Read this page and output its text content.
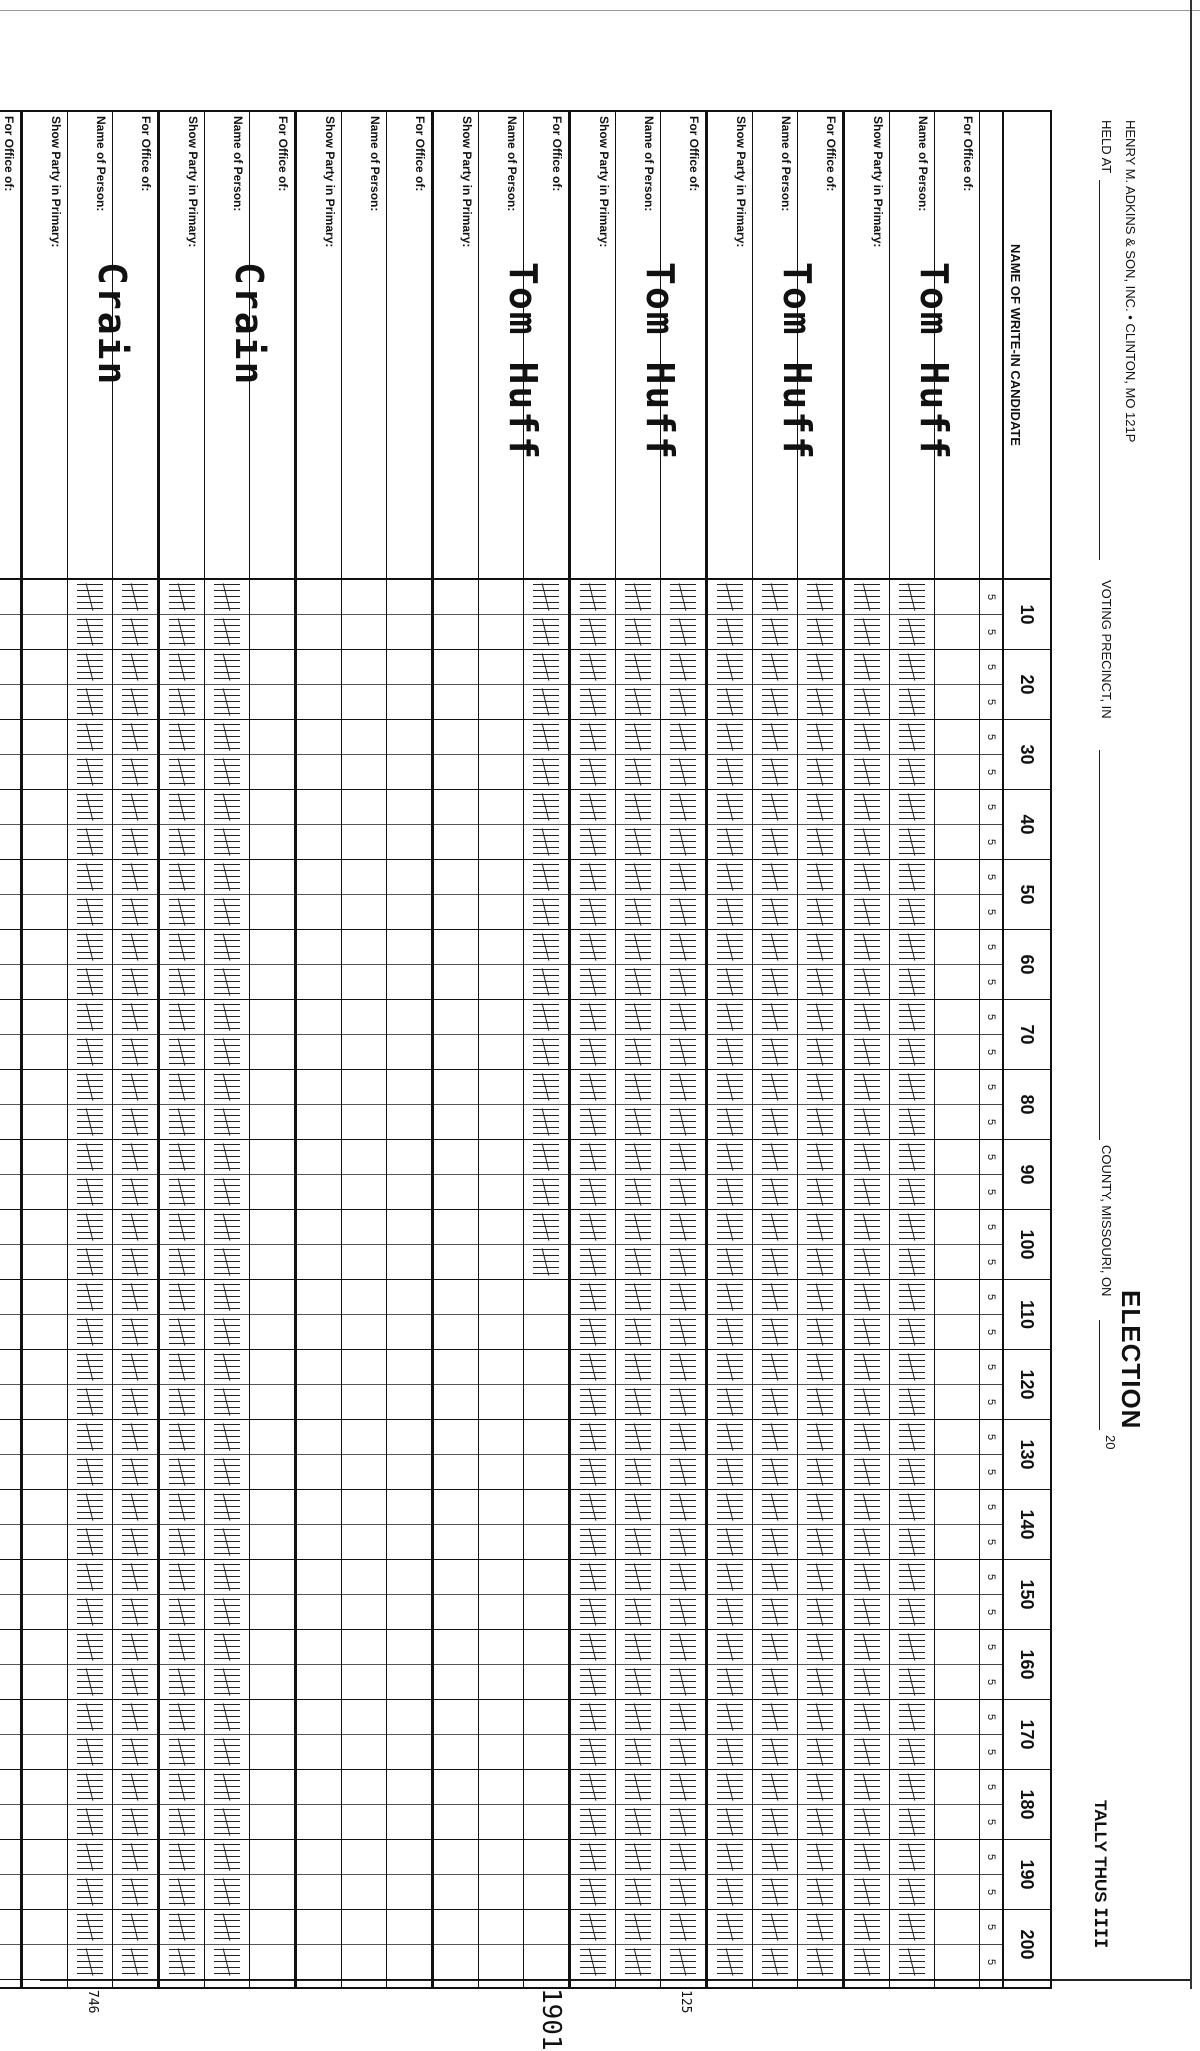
HENRY M. ADKINS & SON, INC. • CLINTON, MO 121P
HELD AT
VOTING PRECINCT, IN
COUNTY, MISSOURI, ON
20
ELECTION
TALLY THUS IIII
NAME OF WRITE-IN CANDIDATE
10
20
30
40
50
60
70
80
90
100
110
120
130
140
150
160
170
180
190
200
5
5
5
5
5
5
5
5
5
5
5
5
5
5
5
5
5
5
5
5
5
5
5
5
5
5
5
5
5
5
5
5
5
5
5
5
5
5
5
5
For Office of:
Name of Person:
Tom Huff
Show Party in Primary:
For Office of:
Name of Person:
Tom Huff
Show Party in Primary:
For Office of:
125
Name of Person:
Tom Huff
Show Party in Primary:
For Office of:
1901
Name of Person:
Tom Huff
Show Party in Primary:
For Office of:
Name of Person:
Show Party in Primary:
For Office of:
Name of Person:
Crain
Show Party in Primary:
For Office of:
Name of Person:
Crain
746
Show Party in Primary:
For Office of:
